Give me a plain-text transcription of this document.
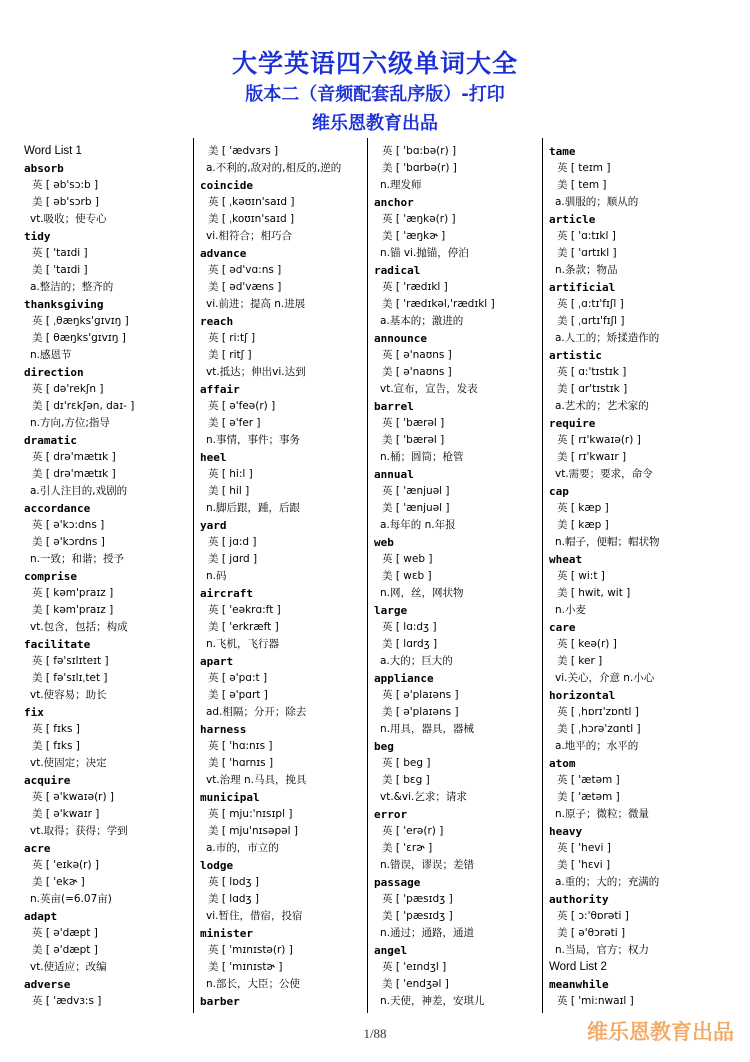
大学英语四六级单词大全
版本二（音频配套乱序版）-打印
维乐恩教育出品
Word List 1
absorb
英 [ əb'sɔ:b ]
美 [ əb'sɔrb ]
vt.吸收；使专心
tidy
英 [ 'taɪdi ]
美 [ 'taɪdi ]
a.整洁的；整齐的
thanksgiving
英 [ ˌθæŋks'gɪvɪŋ ]
美 [ θæŋks'gɪvɪŋ ]
n.感恩节
direction
英 [ də'rekʃn ]
美 [ dɪ'rɛkʃən, daɪ- ]
n.方向,方位;指导
dramatic
英 [ drə'mætɪk ]
美 [ drə'mætɪk ]
a.引人注目的,戏剧的
accordance
英 [ ə'kɔ:dns ]
美 [ ə'kɔrdns ]
n.一致；和谐；授予
comprise
英 [ kəm'praɪz ]
美 [ kəm'praɪz ]
vt.包含，包括；构成
facilitate
英 [ fə'sɪlɪteɪt ]
美 [ fə'sɪlɪˌtet ]
vt.使容易；助长
fix
英 [ fɪks ]
美 [ fɪks ]
vt.使固定；决定
acquire
英 [ ə'kwaɪə(r) ]
美 [ ə'kwaɪr ]
vt.取得；获得；学到
acre
英 [ 'eɪkə(r) ]
美 [ 'ekɚ ]
n.英亩(=6.07亩)
adapt
英 [ ə'dæpt ]
美 [ ə'dæpt ]
vt.使适应；改编
adverse
英 [ 'ædvɜ:s ]
美 [ 'ædvɜrs ]
a.不利的,敌对的,相反的,逆的
coincide
英 [ ˌkəʊɪn'saɪd ]
美 [ ˌkoʊɪn'saɪd ]
vi.相符合；相巧合
advance
英 [ əd'vɑ:ns ]
美 [ əd'væns ]
vi.前进；提高 n.进展
reach
英 [ ri:tʃ ]
美 [ ritʃ ]
vt.抵达；伸出vi.达到
affair
英 [ ə'feə(r) ]
美 [ ə'fer ]
n.事情，事件；事务
heel
英 [ hi:l ]
美 [ hil ]
n.脚后跟，踵，后跟
yard
英 [ jɑ:d ]
美 [ jɑrd ]
n.码
aircraft
英 [ 'eəkrɑ:ft ]
美 [ 'erkræft ]
n.飞机，飞行器
apart
英 [ ə'pɑ:t ]
美 [ ə'pɑrt ]
ad.相隔；分开；除去
harness
英 [ 'hɑ:nɪs ]
美 [ 'hɑrnɪs ]
vt.治理 n.马具，挽具
municipal
英 [ mju:'nɪsɪpl ]
美 [ mju'nɪsəpəl ]
a.市的，市立的
lodge
英 [ lɒdʒ ]
美 [ lɑdʒ ]
vi.暂住，借宿，投宿
minister
英 [ 'mɪnɪstə(r) ]
美 [ 'mɪnɪstɚ ]
n.部长，大臣；公使
barber
英 [ 'bɑ:bə(r) ]
美 [ 'bɑrbə(r) ]
n.理发师
anchor
英 [ 'æŋkə(r) ]
美 [ 'æŋkɚ ]
n.锚 vi.抛锚，停泊
radical
英 [ 'rædɪkl ]
美 [ 'rædɪkəl,'rædɪkl ]
a.基本的；激进的
announce
英 [ ə'naʊns ]
美 [ ə'naʊns ]
vt.宣布，宣告，发表
barrel
英 [ 'bærəl ]
美 [ 'bærəl ]
n.桶；圆筒；枪管
annual
英 [ 'ænjuəl ]
美 [ 'ænjuəl ]
a.每年的 n.年报
web
英 [ web ]
美 [ wɛb ]
n.网，丝，网状物
large
英 [ lɑ:dʒ ]
美 [ lɑrdʒ ]
a.大的；巨大的
appliance
英 [ ə'plaɪəns ]
美 [ ə'plaɪəns ]
n.用具，器具，器械
beg
英 [ beg ]
美 [ bɛg ]
vt.&vi.乞求；请求
error
英 [ 'erə(r) ]
美 [ 'ɛrɚ ]
n.错误，谬误；差错
passage
英 [ 'pæsɪdʒ ]
美 [ 'pæsɪdʒ ]
n.通过；通路，通道
angel
英 [ 'eɪndʒl ]
美 [ 'endʒəl ]
n.天使，神差，安琪儿
tame
英 [ teɪm ]
美 [ tem ]
a.驯服的；顺从的
article
英 [ 'ɑ:tɪkl ]
美 [ 'ɑrtɪkl ]
n.条款；物品
artificial
英 [ ˌɑ:tɪ'fɪʃl ]
美 [ ˌɑrtɪ'fɪʃl ]
a.人工的；矫揉造作的
artistic
英 [ ɑ:'tɪstɪk ]
美 [ ɑr'tɪstɪk ]
a.艺术的；艺术家的
require
英 [ rɪ'kwaɪə(r) ]
美 [ rɪ'kwaɪr ]
vt.需要；要求，命令
cap
英 [ kæp ]
美 [ kæp ]
n.帽子，便帽；帽状物
wheat
英 [ wi:t ]
美 [ hwit, wit ]
n.小麦
care
英 [ keə(r) ]
美 [ ker ]
vi.关心，介意 n.小心
horizontal
英 [ ˌhɒrɪ'zɒntl ]
美 [ ˌhɔrə'zɑntl ]
a.地平的；水平的
atom
英 [ 'ætəm ]
美 [ 'ætəm ]
n.原子；微粒；微量
heavy
英 [ 'hevi ]
美 [ 'hɛvi ]
a.重的；大的；充满的
authority
英 [ ɔ:'θɒrəti ]
美 [ ə'θɔrəti ]
n.当局，官方；权力
Word List 2
meanwhile
英 [ 'mi:nwaɪl ]
1/88	维乐恩教育出品
